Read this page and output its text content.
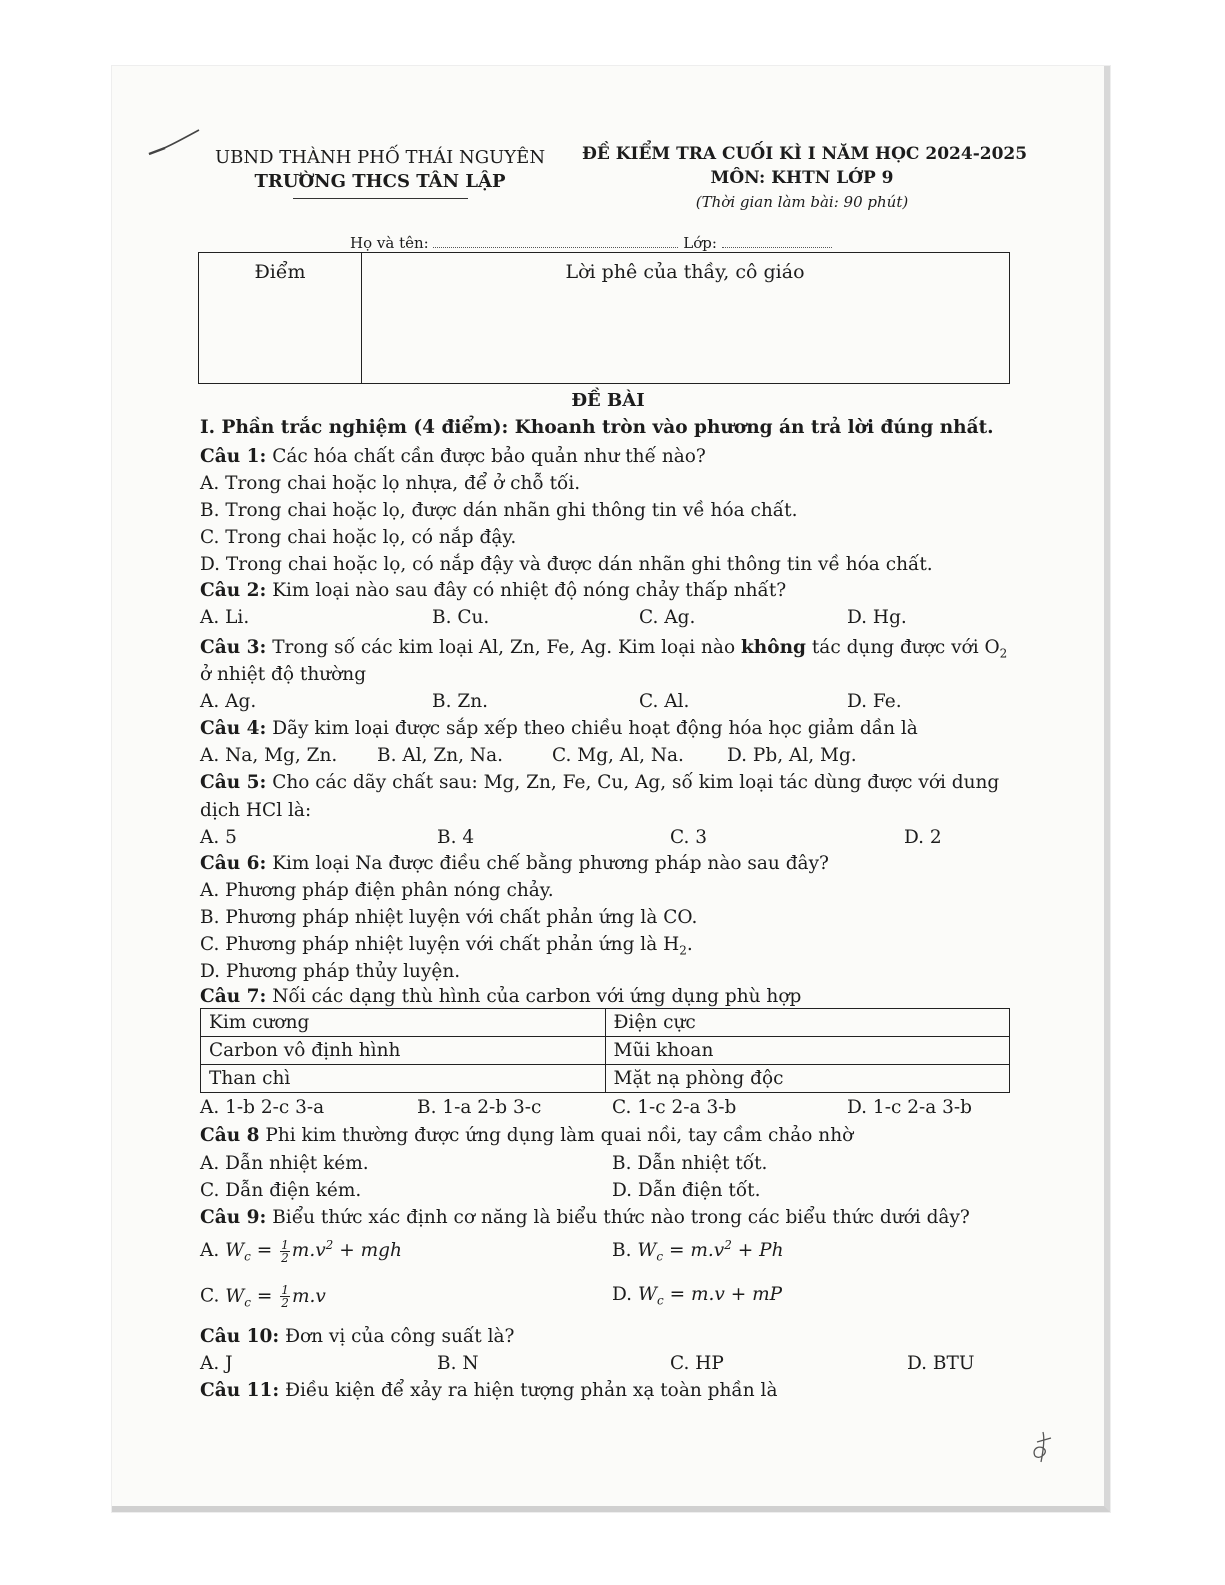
UBND THÀNH PHỐ THÁI NGUYÊN
TRƯỜNG THCS TÂN LẬP
ĐỀ KIỂM TRA CUỐI KÌ I NĂM HỌC 2024-2025
MÔN: KHTN LỚP 9
(Thời gian làm bài: 90 phút)
Họ và tên:	Lớp:
Điểm	Lời phê của thầy, cô giáo
ĐỀ BÀI
I. Phần trắc nghiệm (4 điểm): Khoanh tròn vào phương án trả lời đúng nhất.
Câu 1: Các hóa chất cần được bảo quản như thế nào?
A. Trong chai hoặc lọ nhựa, để ở chỗ tối.
B. Trong chai hoặc lọ, được dán nhãn ghi thông tin về hóa chất.
C. Trong chai hoặc lọ, có nắp đậy.
D. Trong chai hoặc lọ, có nắp đậy và được dán nhãn ghi thông tin về hóa chất.
Câu 2: Kim loại nào sau đây có nhiệt độ nóng chảy thấp nhất?
A. Li.	B. Cu.	C. Ag.	D. Hg.
Câu 3: Trong số các kim loại Al, Zn, Fe, Ag. Kim loại nào không tác dụng được với $O_2$
ở nhiệt độ thường
A. Ag.	B. Zn.	C. Al.	D. Fe.
Câu 4: Dãy kim loại được sắp xếp theo chiều hoạt động hóa học giảm dần là
A. Na, Mg, Zn. B. Al, Zn, Na.	C. Mg, Al, Na. D. Pb, Al, Mg.
Câu 5: Cho các dãy chất sau: Mg, Zn, Fe, Cu, Ag, số kim loại tác dùng được với dung
dịch HCl là:
A. 5	B. 4	C. 3	D. 2
Câu 6: Kim loại Na được điều chế bằng phương pháp nào sau đây?
A. Phương pháp điện phân nóng chảy.
B. Phương pháp nhiệt luyện với chất phản ứng là CO.
C. Phương pháp nhiệt luyện với chất phản ứng là $H_2$.
D. Phương pháp thủy luyện.
Câu 7: Nối các dạng thù hình của carbon với ứng dụng phù hợp
Kim cương	Điện cực
Carbon vô định hình	Mũi khoan
Than chì	Mặt nạ phòng độc
A. 1-b 2-c 3-a	B. 1-a 2-b 3-c	C. 1-c 2-a 3-b	D. 1-c 2-a 3-b
Câu 8 Phi kim thường được ứng dụng làm quai nồi, tay cầm chảo nhờ
A. Dẫn nhiệt kém.	B. Dẫn nhiệt tốt.
C. Dẫn điện kém.	D. Dẫn điện tốt.
Câu 9: Biểu thức xác định cơ năng là biểu thức nào trong các biểu thức dưới dây?
A. $W_c = \frac{1}{2} m.v^2$ + mgh	B. $W_c = m.v^2 + Ph$
C. $W_c = \frac{1}{2} m.v$	D. $W_c = m.v$ + mP
Câu 10: Đơn vị của công suất là?
A. J	B. N	C. HP	D. BTU
Câu 11: Điều kiện để xảy ra hiện tượng phản xạ toàn phần là
